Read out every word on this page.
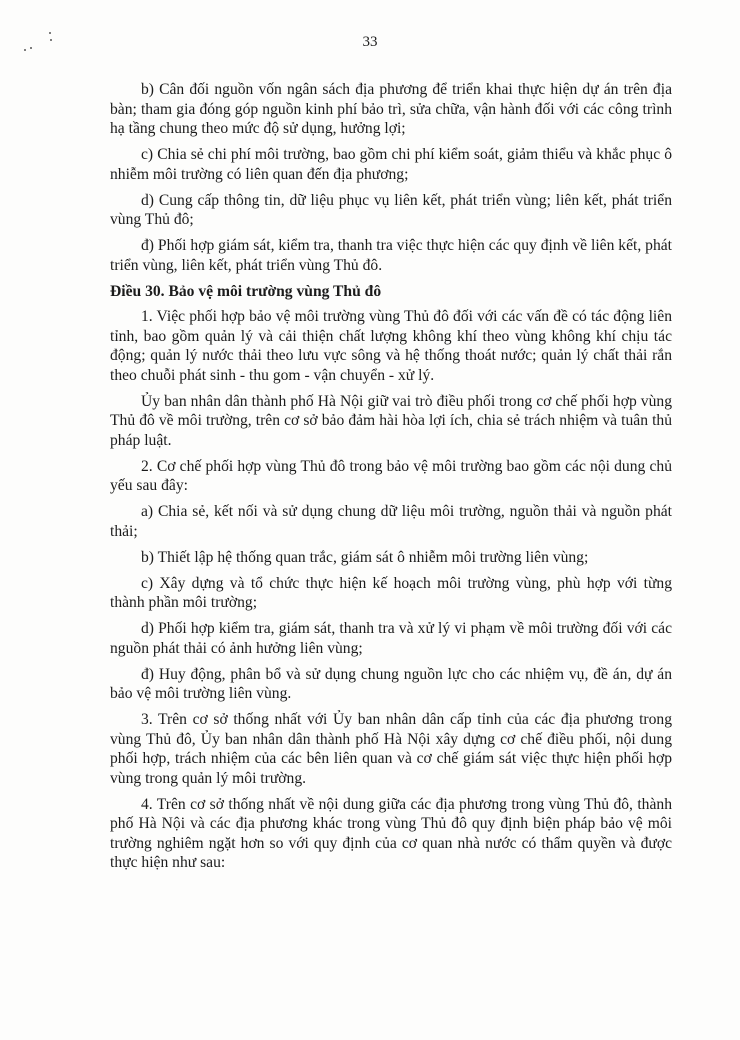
33

b) Cân đối nguồn vốn ngân sách địa phương để triển khai thực hiện dự án trên địa bàn; tham gia đóng góp nguồn kinh phí bảo trì, sửa chữa, vận hành đối với các công trình hạ tầng chung theo mức độ sử dụng, hưởng lợi;

c) Chia sẻ chi phí môi trường, bao gồm chi phí kiểm soát, giảm thiểu và khắc phục ô nhiễm môi trường có liên quan đến địa phương;

d) Cung cấp thông tin, dữ liệu phục vụ liên kết, phát triển vùng; liên kết, phát triển vùng Thủ đô;

đ) Phối hợp giám sát, kiểm tra, thanh tra việc thực hiện các quy định về liên kết, phát triển vùng, liên kết, phát triển vùng Thủ đô.

Điều 30. Bảo vệ môi trường vùng Thủ đô

1. Việc phối hợp bảo vệ môi trường vùng Thủ đô đối với các vấn đề có tác động liên tỉnh, bao gồm quản lý và cải thiện chất lượng không khí theo vùng không khí chịu tác động; quản lý nước thải theo lưu vực sông và hệ thống thoát nước; quản lý chất thải rắn theo chuỗi phát sinh - thu gom - vận chuyển - xử lý.

Ủy ban nhân dân thành phố Hà Nội giữ vai trò điều phối trong cơ chế phối hợp vùng Thủ đô về môi trường, trên cơ sở bảo đảm hài hòa lợi ích, chia sẻ trách nhiệm và tuân thủ pháp luật.

2. Cơ chế phối hợp vùng Thủ đô trong bảo vệ môi trường bao gồm các nội dung chủ yếu sau đây:

a) Chia sẻ, kết nối và sử dụng chung dữ liệu môi trường, nguồn thải và nguồn phát thải;

b) Thiết lập hệ thống quan trắc, giám sát ô nhiễm môi trường liên vùng;

c) Xây dựng và tổ chức thực hiện kế hoạch môi trường vùng, phù hợp với từng thành phần môi trường;

d) Phối hợp kiểm tra, giám sát, thanh tra và xử lý vi phạm về môi trường đối với các nguồn phát thải có ảnh hưởng liên vùng;

đ) Huy động, phân bổ và sử dụng chung nguồn lực cho các nhiệm vụ, đề án, dự án bảo vệ môi trường liên vùng.

3. Trên cơ sở thống nhất với Ủy ban nhân dân cấp tỉnh của các địa phương trong vùng Thủ đô, Ủy ban nhân dân thành phố Hà Nội xây dựng cơ chế điều phối, nội dung phối hợp, trách nhiệm của các bên liên quan và cơ chế giám sát việc thực hiện phối hợp vùng trong quản lý môi trường.

4. Trên cơ sở thống nhất về nội dung giữa các địa phương trong vùng Thủ đô, thành phố Hà Nội và các địa phương khác trong vùng Thủ đô quy định biện pháp bảo vệ môi trường nghiêm ngặt hơn so với quy định của cơ quan nhà nước có thẩm quyền và được thực hiện như sau:
